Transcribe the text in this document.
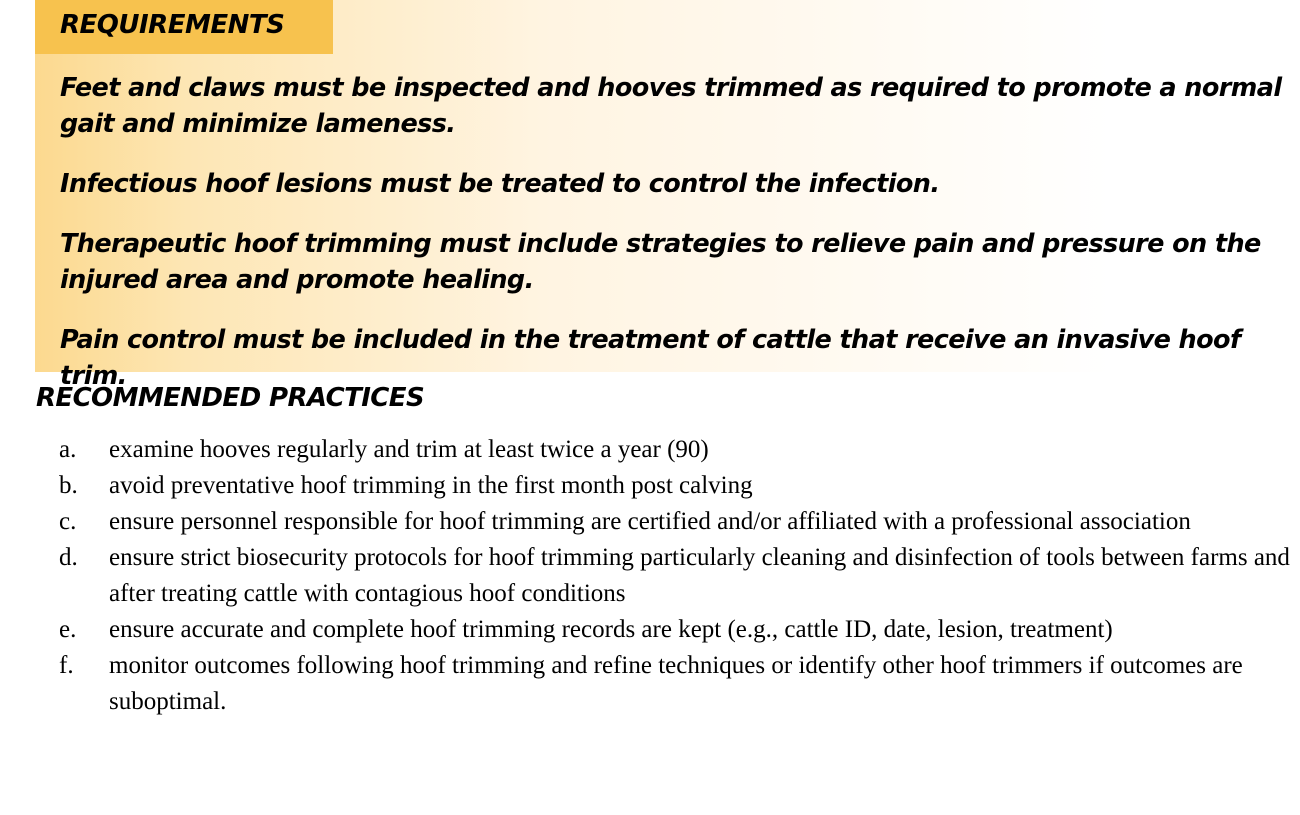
REQUIREMENTS
Feet and claws must be inspected and hooves trimmed as required to promote a normal gait and minimize lameness.
Infectious hoof lesions must be treated to control the infection.
Therapeutic hoof trimming must include strategies to relieve pain and pressure on the injured area and promote healing.
Pain control must be included in the treatment of cattle that receive an invasive hoof trim.
RECOMMENDED PRACTICES
a.	examine hooves regularly and trim at least twice a year (90)
b.	avoid preventative hoof trimming in the first month post calving
c.	ensure personnel responsible for hoof trimming are certified and/or affiliated with a professional association
d.	ensure strict biosecurity protocols for hoof trimming particularly cleaning and disinfection of tools between farms and after treating cattle with contagious hoof conditions
e.	ensure accurate and complete hoof trimming records are kept (e.g., cattle ID, date, lesion, treatment)
f.	monitor outcomes following hoof trimming and refine techniques or identify other hoof trimmers if outcomes are suboptimal.
